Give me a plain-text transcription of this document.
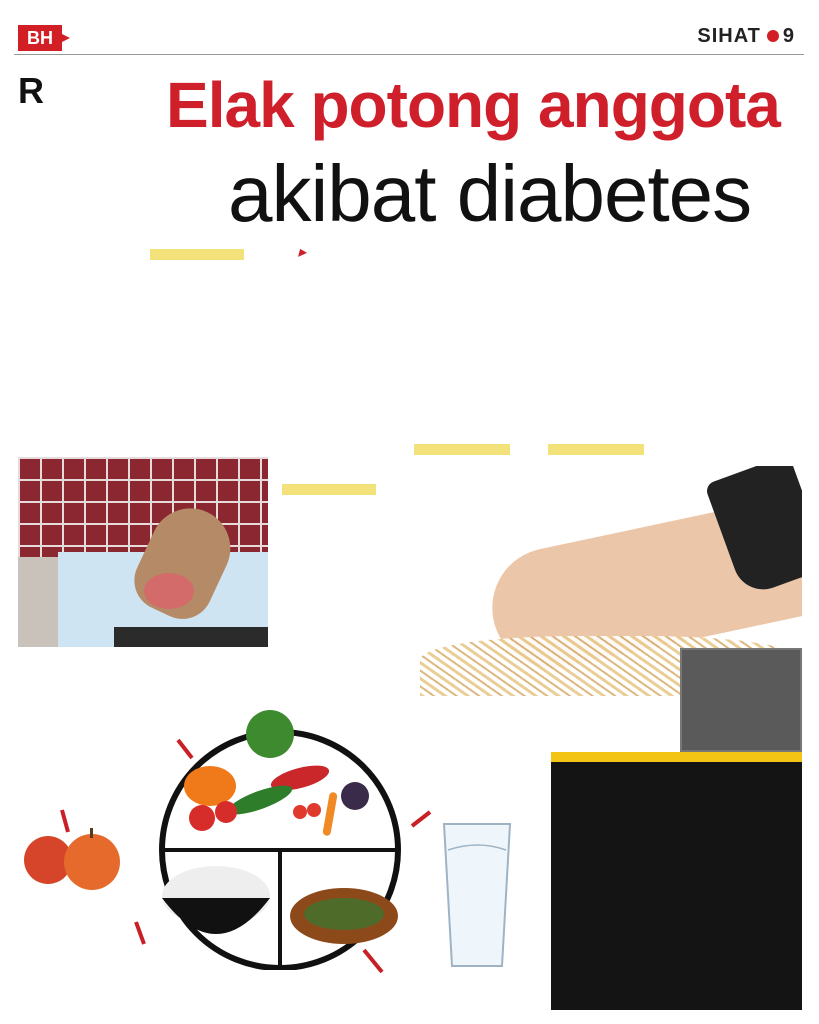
BH	SIHAT 9
Elak potong anggota
akibat diabetes
▸
R
